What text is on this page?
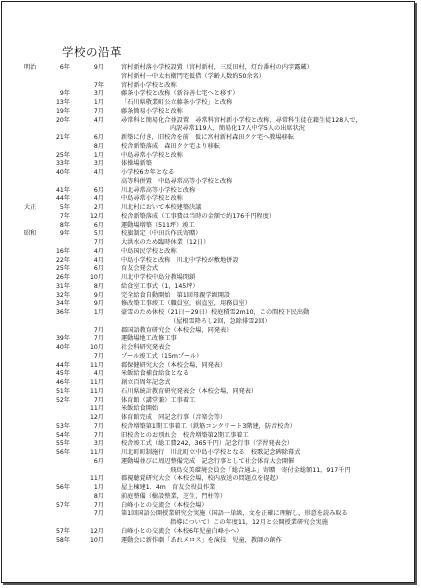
学校の沿革
明治	6年	9月	宮村新村落小学校設置（宮村新村，三反田村，灯台番村の内字露蔵）
宮村新村一中太右衛門宅仮借（学齢人数約50余名）
7年	宮村新小学校と改称
9年	3月	藤条小学校と改称（新谷善七宅へと移す）
13年	1月	「石川県敬業町公立藤条小学校」と改称
19年	7月	藤条簡易小学校と改称
20年	4月	尋常科と簡易化合並設置　尋常科宮村新小学校と改称，尋常科生徒在籍生徒128人で，
内訳尋常119人，簡易化17人中学5人の出席状況
21年	6月	新築に付き，旧校舎を前　仮に宮村新村森田クケ宅へ教場移転
8月	校舎新築落成　森田クケ宅より移転
25年	1月	中島尋常小学校と改称
33年	3月	体操場新築
40年	4月	小学校6カ年となる
高等科併置　中島尋常高等小学校と改称
41年	6月	川北尋常高等小学校と改称
44年	4月	中島尋常小学校と改称
大正	5年	2月	川北村において本校建築決議
7年	12月	校舎新築落成（工事費は当時の金額で約176千円程度）
8年	6月	運動場増築（511坪）竣工
昭和	9年	5月	校旗制定（中田兵作氏寄贈）
7月	大洪水のため臨時休業（12日）
16年	4月	中島国民学校と改称
22年	4月	中島小学校と改称　川北中学校が敷地併設
25年	6月	育友会発会式
26年	10月	川北中学校中島分教場閉鎖
31年	8月	給食室工事式（1，145坪）
32年	9月	完全給食自動開始　第1回母親学級開設
34年	9月	修改築工事竣工（職員室，宿直室，用務員室）
36年	1月	豪雪のため休校（21日～29日）校庭積雪2m10，この間校下民出動
（屋根雪降ろし2回，急除排雪2回）
7月	郡国語教育研究会（本校会場，同発表）
39年	7月	運動場地工改修工事
40年	10月	社会科研究発表会
7月	プール竣工式（15mプール）
44年	11月	郡保健研究大会（本校会場，同発表）
45年	4月	米飯給食補食給食となる
46年	11月	創立百周年記念式
51年	11月	石川県統計教育研究発表会（本校会場，同発表）
52年	7月	体育館（講堂兼）工事着工
11月	米飯給食開始
12月	体育館完成　同記念行事（音楽会等）
53年	7月	校舎増築第1期工事着工（鉄筋コンクリート3階建，防音校舎）
54年	7月	旧校舎とのお別れ会　校舎増築第2期工事着工
55年	3月	校舎竣工式（総工費242，365千円）記念行事（学習発表会）
56年	11月	川北町町制施行　川北町立中島小学校となる　校歌記念碑除幕式
6月	運動場並びに周辺整備完成　記念行事として社会体育大会開催
飛鳥交美環境会員会「総合通ふ」寄贈　寄付金総額11，917千円
11月	郡視聴覚研究大会（本校会場，校内放送の問題点を提起）
56年	1月	屋上棟建1．4m　育友会役員作業
8月	前庭整備（樹設整業，芝生，門柱等）
57年	7月	白峰小との交流会（本校会場）
7月	第1回国語公開授業研究会実施（国語一単級，文を正確に理解し，形意を読み取る
指導について）この年度11，12月と公開授業研究会実施
57年	12月	白峰小との交流会（本校6年児童白峰小へ）
58年	10月	運動会に新作劇「あれメロス」を演技　児童，教師の創作
